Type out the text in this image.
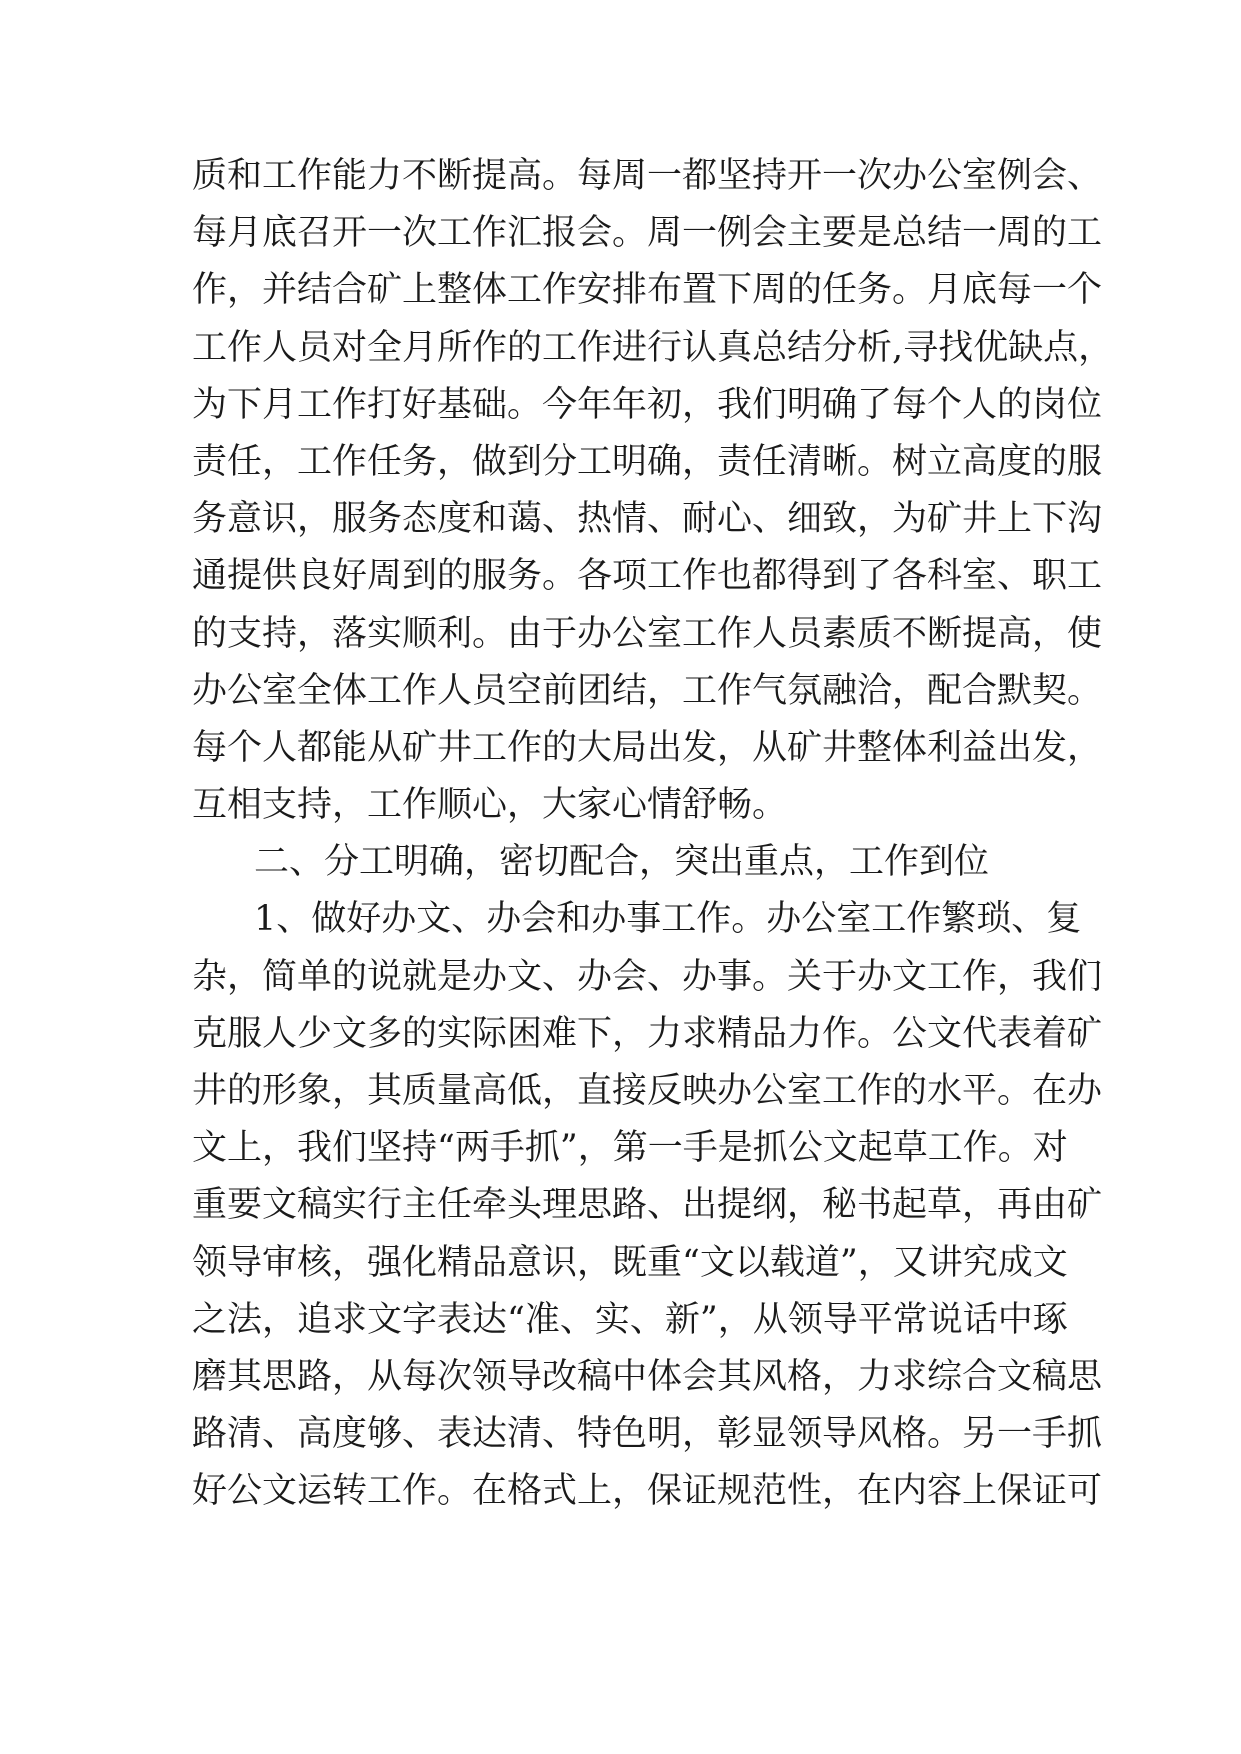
质和工作能力不断提高。每周一都坚持开一次办公室例会、
每月底召开一次工作汇报会。周一例会主要是总结一周的工
作，并结合矿上整体工作安排布置下周的任务。月底每一个
工作人员对全月所作的工作进行认真总结分析,寻找优缺点，
为下月工作打好基础。今年年初，我们明确了每个人的岗位
责任，工作任务，做到分工明确，责任清晰。树立高度的服
务意识，服务态度和蔼、热情、耐心、细致，为矿井上下沟
通提供良好周到的服务。各项工作也都得到了各科室、职工
的支持，落实顺利。由于办公室工作人员素质不断提高，使
办公室全体工作人员空前团结，工作气氛融洽，配合默契。
每个人都能从矿井工作的大局出发，从矿井整体利益出发，
互相支持，工作顺心，大家心情舒畅。
二、分工明确，密切配合，突出重点，工作到位
1、做好办文、办会和办事工作。办公室工作繁琐、复
杂，简单的说就是办文、办会、办事。关于办文工作，我们
克服人少文多的实际困难下，力求精品力作。公文代表着矿
井的形象，其质量高低，直接反映办公室工作的水平。在办
文上，我们坚持“两手抓”，第一手是抓公文起草工作。对
重要文稿实行主任牵头理思路、出提纲，秘书起草，再由矿
领导审核，强化精品意识，既重“文以载道”，又讲究成文
之法，追求文字表达“准、实、新”，从领导平常说话中琢
磨其思路，从每次领导改稿中体会其风格，力求综合文稿思
路清、高度够、表达清、特色明，彰显领导风格。另一手抓
好公文运转工作。在格式上，保证规范性，在内容上保证可
